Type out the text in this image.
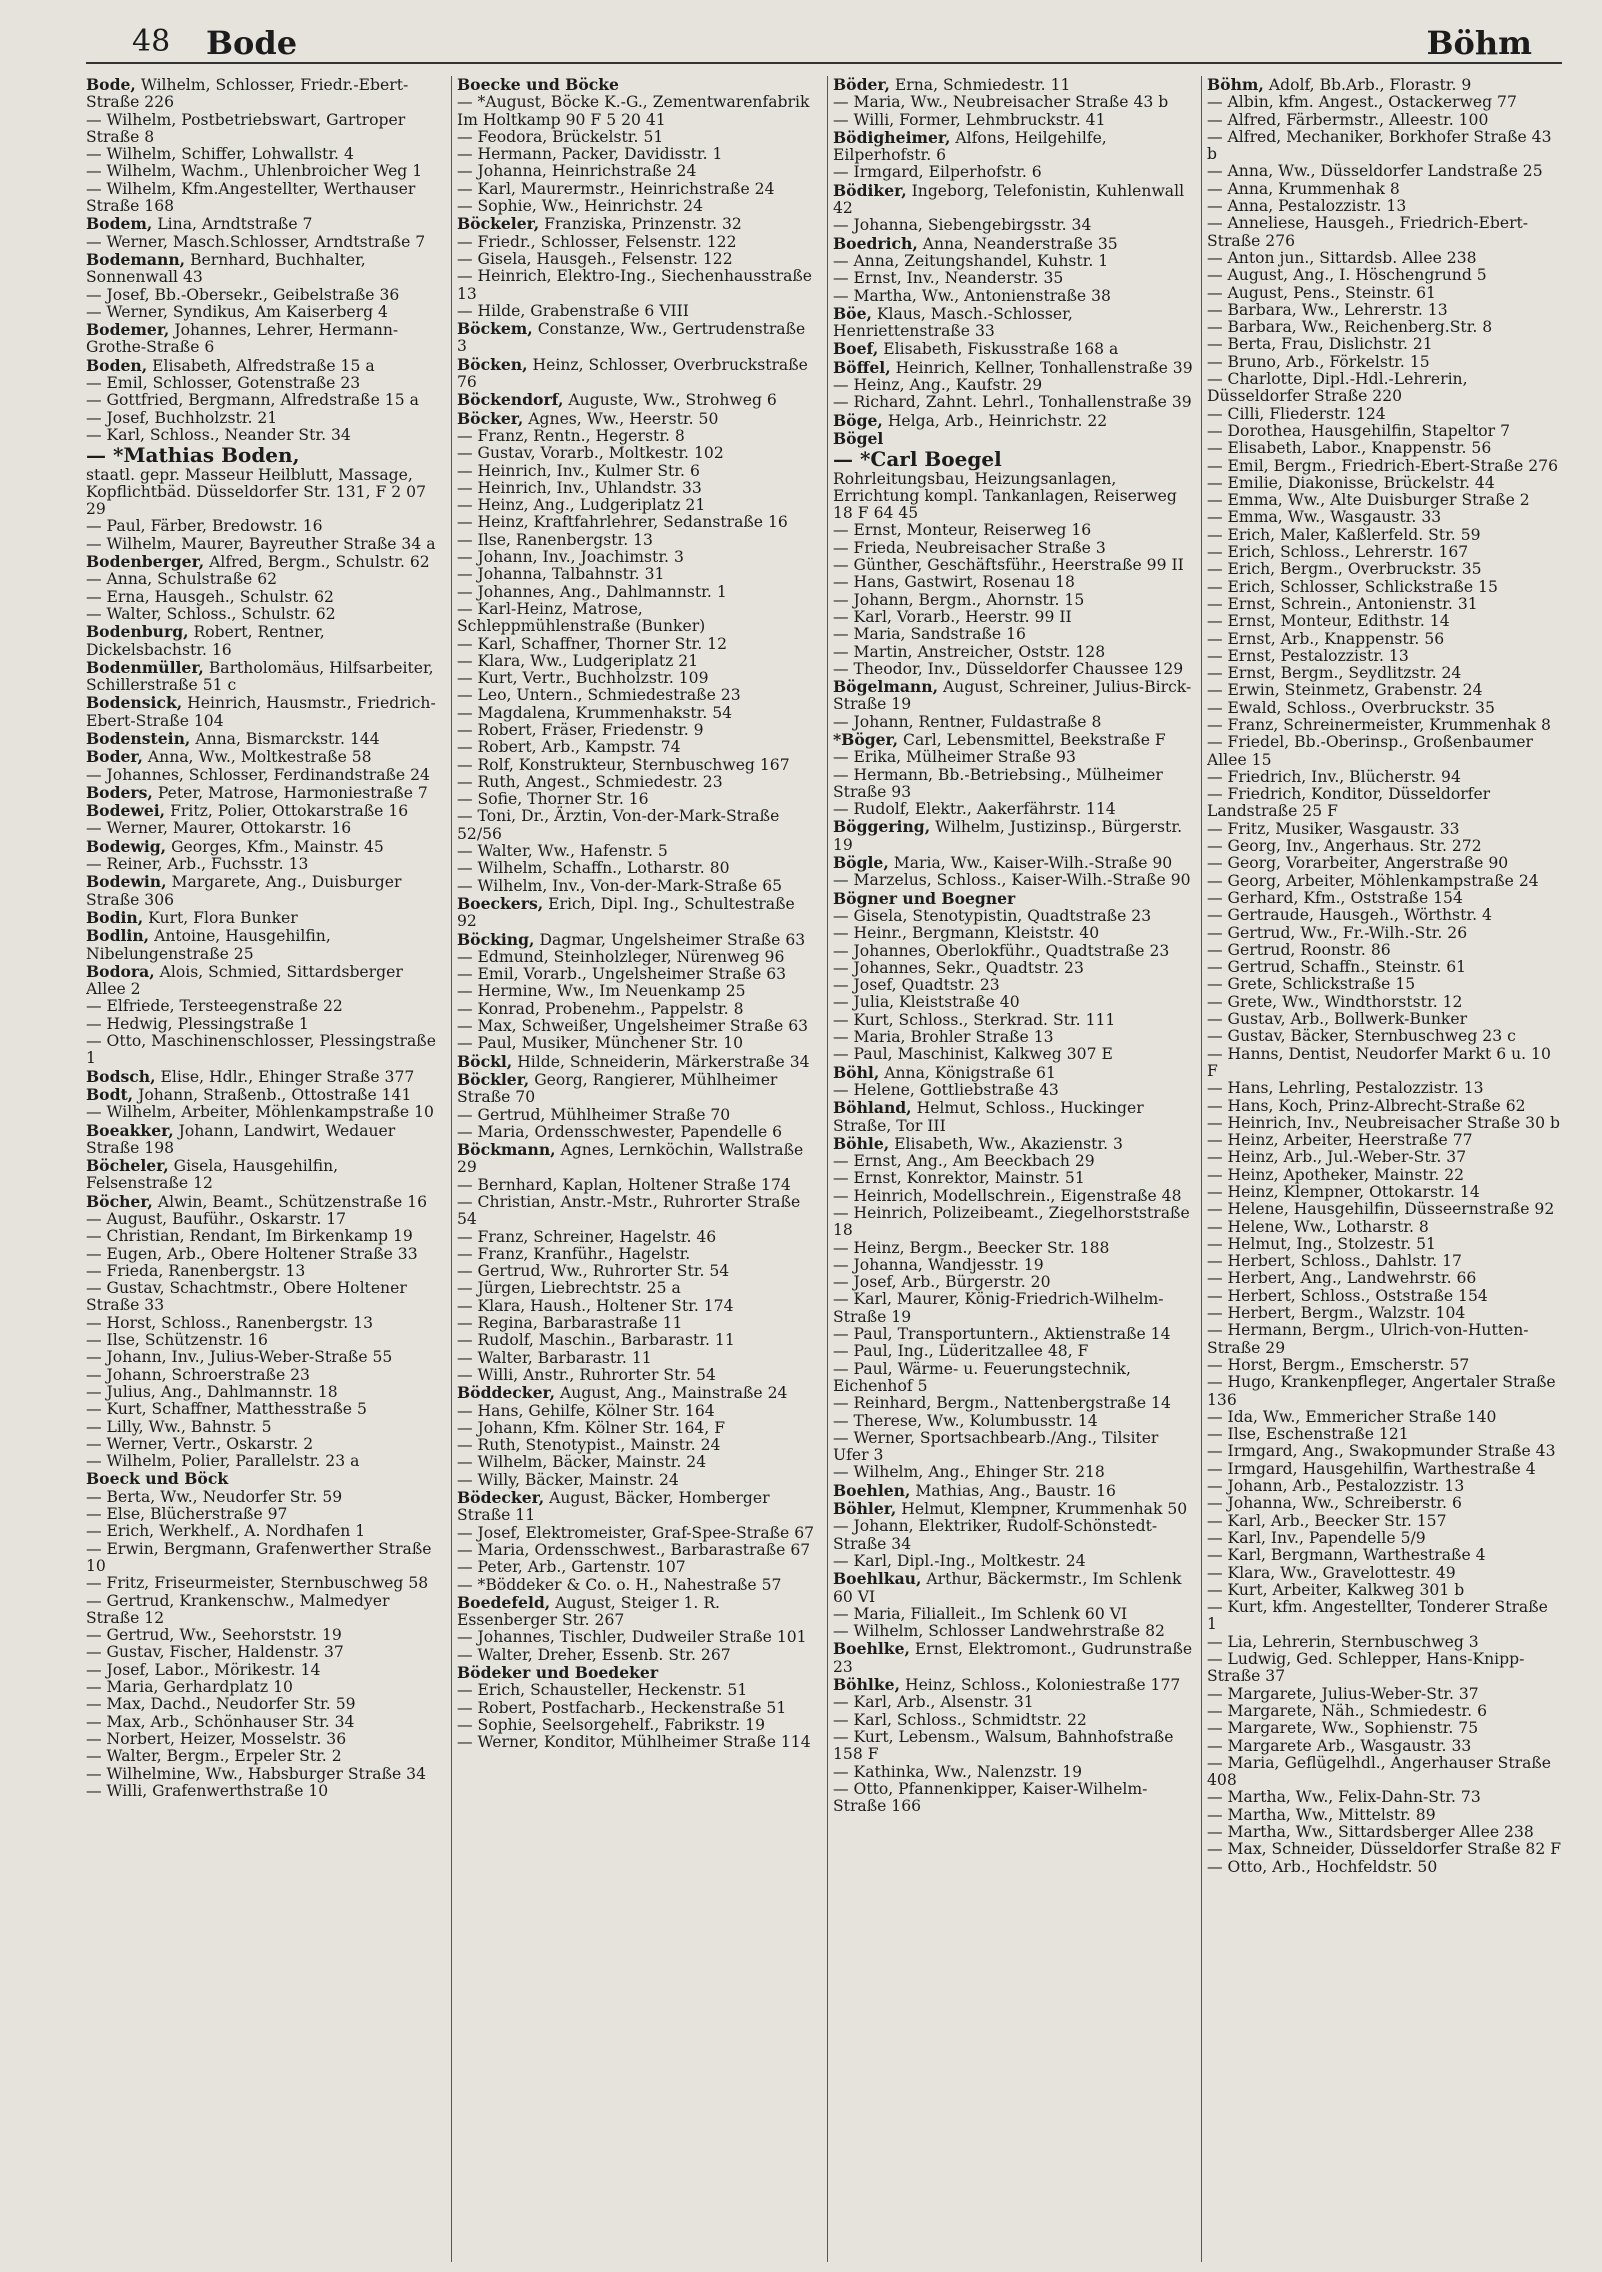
48 Bode	Böhm
Bode, Wilhelm, Schlosser, Friedr.-Ebert-Straße 226
— Wilhelm, Postbetriebswart, Gartroper Straße 8
— Wilhelm, Schiffer, Lohwallstr. 4
— Wilhelm, Wachm., Uhlenbroicher Weg 1
— Wilhelm, Kfm.Angestellter, Werthauser Straße 168
Bodem, Lina, Arndtstraße 7
— Werner, Masch.Schlosser, Arndtstraße 7
Bodemann, Bernhard, Buchhalter, Sonnenwall 43
— Josef, Bb.-Obersekr., Geibelstraße 36
— Werner, Syndikus, Am Kaiserberg 4
Bodemer, Johannes, Lehrer, Hermann-Grothe-Straße 6
Boden, Elisabeth, Alfredstraße 15 a
— Emil, Schlosser, Gotenstraße 23
— Gottfried, Bergmann, Alfredstraße 15 a
— Josef, Buchholzstr. 21
— Karl, Schloss., Neander Str. 34
— *Mathias Boden,
staatl. gepr. Masseur Heilblutt, Massage, Kopflichtbäd. Düsseldorfer Str. 131, F 2 07 29
— Paul, Färber, Bredowstr. 16
— Wilhelm, Maurer, Bayreuther Straße 34 a
Bodenberger, Alfred, Bergm., Schulstr. 62
— Anna, Schulstraße 62
— Erna, Hausgeh., Schulstr. 62
— Walter, Schloss., Schulstr. 62
Bodenburg, Robert, Rentner, Dickelsbachstr. 16
Bodenmüller, Bartholomäus, Hilfsarbeiter, Schillerstraße 51 c
Bodensick, Heinrich, Hausmstr., Friedrich-Ebert-Straße 104
Bodenstein, Anna, Bismarckstr. 144
Boder, Anna, Ww., Moltkestraße 58
— Johannes, Schlosser, Ferdinandstraße 24
Boders, Peter, Matrose, Harmoniestraße 7
Bodewei, Fritz, Polier, Ottokarstraße 16
— Werner, Maurer, Ottokarstr. 16
Bodewig, Georges, Kfm., Mainstr. 45
— Reiner, Arb., Fuchsstr. 13
Bodewin, Margarete, Ang., Duisburger Straße 306
Bodin, Kurt, Flora Bunker
Bodlin, Antoine, Hausgehilfin, Nibelungenstraße 25
Bodora, Alois, Schmied, Sittardsberger Allee 2
— Elfriede, Tersteegenstraße 22
— Hedwig, Plessingstraße 1
— Otto, Maschinenschlosser, Plessingstraße 1
Bodsch, Elise, Hdlr., Ehinger Straße 377
Bodt, Johann, Straßenb., Ottostraße 141
— Wilhelm, Arbeiter, Möhlenkampstraße 10
Boeakker, Johann, Landwirt, Wedauer Straße 198
Böcheler, Gisela, Hausgehilfin, Felsenstraße 12
Böcher, Alwin, Beamt., Schützenstraße 16
— August, Bauführ., Oskarstr. 17
— Christian, Rendant, Im Birkenkamp 19
— Eugen, Arb., Obere Holtener Straße 33
— Frieda, Ranenbergstr. 13
— Gustav, Schachtmstr., Obere Holtener Straße 33
— Horst, Schloss., Ranenbergstr. 13
— Ilse, Schützenstr. 16
— Johann, Inv., Julius-Weber-Straße 55
— Johann, Schroerstraße 23
— Julius, Ang., Dahlmannstr. 18
— Kurt, Schaffner, Matthesstraße 5
— Lilly, Ww., Bahnstr. 5
— Werner, Vertr., Oskarstr. 2
— Wilhelm, Polier, Parallelstr. 23 a
Boeck und Böck
— Berta, Ww., Neudorfer Str. 59
— Else, Blücherstraße 97
— Erich, Werkhelf., A. Nordhafen 1
— Erwin, Bergmann, Grafenwerther Straße 10
— Fritz, Friseurmeister, Sternbuschweg 58
— Gertrud, Krankenschw., Malmedyer Straße 12
— Gertrud, Ww., Seehorststr. 19
— Gustav, Fischer, Haldenstr. 37
— Josef, Labor., Mörikestr. 14
— Maria, Gerhardplatz 10
— Max, Dachd., Neudorfer Str. 59
— Max, Arb., Schönhauser Str. 34
— Norbert, Heizer, Mosselstr. 36
— Walter, Bergm., Erpeler Str. 2
— Wilhelmine, Ww., Habsburger Straße 34
— Willi, Grafenwerthstraße 10
Boecke und Böcke
— *August, Böcke K.-G., Zementwarenfabrik Im Holtkamp 90 F 5 20 41
— Feodora, Brückelstr. 51
— Hermann, Packer, Davidisstr. 1
— Johanna, Heinrichstraße 24
— Karl, Maurermstr., Heinrichstraße 24
— Sophie, Ww., Heinrichstr. 24
Böckeler, Franziska, Prinzenstr. 32
— Friedr., Schlosser, Felsenstr. 122
— Gisela, Hausgeh., Felsenstr. 122
— Heinrich, Elektro-Ing., Siechenhausstraße 13
— Hilde, Grabenstraße 6 VIII
Böckem, Constanze, Ww., Gertrudenstraße 3
Böcken, Heinz, Schlosser, Overbruckstraße 76
Böckendorf, Auguste, Ww., Strohweg 6
Böcker, Agnes, Ww., Heerstr. 50
— Franz, Rentn., Hegerstr. 8
— Gustav, Vorarb., Moltkestr. 102
— Heinrich, Inv., Kulmer Str. 6
— Heinrich, Inv., Uhlandstr. 33
— Heinz, Ang., Ludgeriplatz 21
— Heinz, Kraftfahrlehrer, Sedanstraße 16
— Ilse, Ranenbergstr. 13
— Johann, Inv., Joachimstr. 3
— Johanna, Talbahnstr. 31
— Johannes, Ang., Dahlmannstr. 1
— Karl-Heinz, Matrose, Schleppmühlenstraße (Bunker)
— Karl, Schaffner, Thorner Str. 12
— Klara, Ww., Ludgeriplatz 21
— Kurt, Vertr., Buchholzstr. 109
— Leo, Untern., Schmiedestraße 23
— Magdalena, Krummenhakstr. 54
— Robert, Fräser, Friedenstr. 9
— Robert, Arb., Kampstr. 74
— Rolf, Konstrukteur, Sternbuschweg 167
— Ruth, Angest., Schmiedestr. 23
— Sofie, Thorner Str. 16
— Toni, Dr., Ärztin, Von-der-Mark-Straße 52/56
— Walter, Ww., Hafenstr. 5
— Wilhelm, Schaffn., Lotharstr. 80
— Wilhelm, Inv., Von-der-Mark-Straße 65
Boeckers, Erich, Dipl. Ing., Schultestraße 92
Böcking, Dagmar, Ungelsheimer Straße 63
— Edmund, Steinholzleger, Nürenweg 96
— Emil, Vorarb., Ungelsheimer Straße 63
— Hermine, Ww., Im Neuenkamp 25
— Konrad, Probenehm., Pappelstr. 8
— Max, Schweißer, Ungelsheimer Straße 63
— Paul, Musiker, Münchener Str. 10
Böckl, Hilde, Schneiderin, Märkerstraße 34
Böckler, Georg, Rangierer, Mühlheimer Straße 70
— Gertrud, Mühlheimer Straße 70
— Maria, Ordensschwester, Papendelle 6
Böckmann, Agnes, Lernköchin, Wallstraße 29
— Bernhard, Kaplan, Holtener Straße 174
— Christian, Anstr.-Mstr., Ruhrorter Straße 54
— Franz, Schreiner, Hagelstr. 46
— Franz, Kranführ., Hagelstr.
— Gertrud, Ww., Ruhrorter Str. 54
— Jürgen, Liebrechtstr. 25 a
— Klara, Haush., Holtener Str. 174
— Regina, Barbarastraße 11
— Rudolf, Maschin., Barbarastr. 11
— Walter, Barbarastr. 11
— Willi, Anstr., Ruhrorter Str. 54
Böddecker, August, Ang., Mainstraße 24
— Hans, Gehilfe, Kölner Str. 164
— Johann, Kfm. Kölner Str. 164, F
— Ruth, Stenotypist., Mainstr. 24
— Wilhelm, Bäcker, Mainstr. 24
— Willy, Bäcker, Mainstr. 24
Bödecker, August, Bäcker, Homberger Straße 11
— Josef, Elektromeister, Graf-Spee-Straße 67
— Maria, Ordensschwest., Barbarastraße 67
— Peter, Arb., Gartenstr. 107
— *Böddeker & Co. o. H., Nahestraße 57
Boedefeld, August, Steiger 1. R. Essenberger Str. 267
— Johannes, Tischler, Dudweiler Straße 101
— Walter, Dreher, Essenb. Str. 267
Bödeker und Boedeker
— Erich, Schausteller, Heckenstr. 51
— Robert, Postfacharb., Heckenstraße 51
— Sophie, Seelsorgehelf., Fabrikstr. 19
— Werner, Konditor, Mühlheimer Straße 114
Böder, Erna, Schmiedestr. 11
— Maria, Ww., Neubreisacher Straße 43 b
— Willi, Former, Lehmbruckstr. 41
Bödigheimer, Alfons, Heilgehilfe, Eilperhofstr. 6
— Irmgard, Eilperhofstr. 6
Bödiker, Ingeborg, Telefonistin, Kuhlenwall 42
— Johanna, Siebengebirgsstr. 34
Boedrich, Anna, Neanderstraße 35
— Anna, Zeitungshandel, Kuhstr. 1
— Ernst, Inv., Neanderstr. 35
— Martha, Ww., Antonienstraße 38
Böe, Klaus, Masch.-Schlosser, Henriettenstraße 33
Boef, Elisabeth, Fiskusstraße 168 a
Böffel, Heinrich, Kellner, Tonhallenstraße 39
— Heinz, Ang., Kaufstr. 29
— Richard, Zahnt. Lehrl., Tonhallenstraße 39
Böge, Helga, Arb., Heinrichstr. 22
Bögel
— *Carl Boegel
Rohrleitungsbau, Heizungsanlagen, Errichtung kompl. Tankanlagen, Reiserweg 18 F 64 45
— Ernst, Monteur, Reiserweg 16
— Frieda, Neubreisacher Straße 3
— Günther, Geschäftsführ., Heerstraße 99 II
— Hans, Gastwirt, Rosenau 18
— Johann, Bergm., Ahornstr. 15
— Karl, Vorarb., Heerstr. 99 II
— Maria, Sandstraße 16
— Martin, Anstreicher, Oststr. 128
— Theodor, Inv., Düsseldorfer Chaussee 129
Bögelmann, August, Schreiner, Julius-Birck-Straße 19
— Johann, Rentner, Fuldastraße 8
*Böger, Carl, Lebensmittel, Beekstraße F
— Erika, Mülheimer Straße 93
— Hermann, Bb.-Betriebsing., Mülheimer Straße 93
— Rudolf, Elektr., Aakerfährstr. 114
Böggering, Wilhelm, Justizinsp., Bürgerstr. 19
Bögle, Maria, Ww., Kaiser-Wilh.-Straße 90
— Marzelus, Schloss., Kaiser-Wilh.-Straße 90
Bögner und Boegner
— Gisela, Stenotypistin, Quadtstraße 23
— Heinr., Bergmann, Kleiststr. 40
— Johannes, Oberlokführ., Quadtstraße 23
— Johannes, Sekr., Quadtstr. 23
— Josef, Quadtstr. 23
— Julia, Kleiststraße 40
— Kurt, Schloss., Sterkrad. Str. 111
— Maria, Brohler Straße 13
— Paul, Maschinist, Kalkweg 307 E
Böhl, Anna, Königstraße 61
— Helene, Gottliebstraße 43
Böhland, Helmut, Schloss., Huckinger Straße, Tor III
Böhle, Elisabeth, Ww., Akazienstr. 3
— Ernst, Ang., Am Beeckbach 29
— Ernst, Konrektor, Mainstr. 51
— Heinrich, Modellschrein., Eigenstraße 48
— Heinrich, Polizeibeamt., Ziegelhorststraße 18
— Heinz, Bergm., Beecker Str. 188
— Johanna, Wandjesstr. 19
— Josef, Arb., Bürgerstr. 20
— Karl, Maurer, König-Friedrich-Wilhelm-Straße 19
— Paul, Transportuntern., Aktienstraße 14
— Paul, Ing., Lüderitzallee 48, F
— Paul, Wärme- u. Feuerungstechnik, Eichenhof 5
— Reinhard, Bergm., Nattenbergstraße 14
— Therese, Ww., Kolumbusstr. 14
— Werner, Sportsachbearb./Ang., Tilsiter Ufer 3
— Wilhelm, Ang., Ehinger Str. 218
Boehlen, Mathias, Ang., Baustr. 16
Böhler, Helmut, Klempner, Krummenhak 50
— Johann, Elektriker, Rudolf-Schönstedt-Straße 34
— Karl, Dipl.-Ing., Moltkestr. 24
Boehlkau, Arthur, Bäckermstr., Im Schlenk 60 VI
— Maria, Filialleit., Im Schlenk 60 VI
— Wilhelm, Schlosser Landwehrstraße 82
Boehlke, Ernst, Elektromont., Gudrunstraße 23
Böhlke, Heinz, Schloss., Koloniestraße 177
— Karl, Arb., Alsenstr. 31
— Karl, Schloss., Schmidtstr. 22
— Kurt, Lebensm., Walsum, Bahnhofstraße 158 F
— Kathinka, Ww., Nalenzstr. 19
— Otto, Pfannenkipper, Kaiser-Wilhelm-Straße 166
Böhm, Adolf, Bb.Arb., Florastr. 9
— Albin, kfm. Angest., Ostackerweg 77
— Alfred, Färbermstr., Alleestr. 100
— Alfred, Mechaniker, Borkhofer Straße 43 b
— Anna, Ww., Düsseldorfer Landstraße 25
— Anna, Krummenhak 8
— Anna, Pestalozzistr. 13
— Anneliese, Hausgeh., Friedrich-Ebert-Straße 276
— Anton jun., Sittardsb. Allee 238
— August, Ang., I. Höschengrund 5
— August, Pens., Steinstr. 61
— Barbara, Ww., Lehrerstr. 13
— Barbara, Ww., Reichenberg.Str. 8
— Berta, Frau, Dislichstr. 21
— Bruno, Arb., Förkelstr. 15
— Charlotte, Dipl.-Hdl.-Lehrerin, Düsseldorfer Straße 220
— Cilli, Fliederstr. 124
— Dorothea, Hausgehilfin, Stapeltor 7
— Elisabeth, Labor., Knappenstr. 56
— Emil, Bergm., Friedrich-Ebert-Straße 276
— Emilie, Diakonisse, Brückelstr. 44
— Emma, Ww., Alte Duisburger Straße 2
— Emma, Ww., Wasgaustr. 33
— Erich, Maler, Kaßlerfeld. Str. 59
— Erich, Schloss., Lehrerstr. 167
— Erich, Bergm., Overbruckstr. 35
— Erich, Schlosser, Schlickstraße 15
— Ernst, Schrein., Antonienstr. 31
— Ernst, Monteur, Edithstr. 14
— Ernst, Arb., Knappenstr. 56
— Ernst, Pestalozzistr. 13
— Ernst, Bergm., Seydlitzstr. 24
— Erwin, Steinmetz, Grabenstr. 24
— Ewald, Schloss., Overbruckstr. 35
— Franz, Schreinermeister, Krummenhak 8
— Friedel, Bb.-Oberinsp., Großenbaumer Allee 15
— Friedrich, Inv., Blücherstr. 94
— Friedrich, Konditor, Düsseldorfer Landstraße 25 F
— Fritz, Musiker, Wasgaustr. 33
— Georg, Inv., Angerhaus. Str. 272
— Georg, Vorarbeiter, Angerstraße 90
— Georg, Arbeiter, Möhlenkampstraße 24
— Gerhard, Kfm., Oststraße 154
— Gertraude, Hausgeh., Wörthstr. 4
— Gertrud, Ww., Fr.-Wilh.-Str. 26
— Gertrud, Roonstr. 86
— Gertrud, Schaffn., Steinstr. 61
— Grete, Schlickstraße 15
— Grete, Ww., Windthorststr. 12
— Gustav, Arb., Bollwerk-Bunker
— Gustav, Bäcker, Sternbuschweg 23 c
— Hanns, Dentist, Neudorfer Markt 6 u. 10 F
— Hans, Lehrling, Pestalozzistr. 13
— Hans, Koch, Prinz-Albrecht-Straße 62
— Heinrich, Inv., Neubreisacher Straße 30 b
— Heinz, Arbeiter, Heerstraße 77
— Heinz, Arb., Jul.-Weber-Str. 37
— Heinz, Apotheker, Mainstr. 22
— Heinz, Klempner, Ottokarstr. 14
— Helene, Hausgehilfin, Düsseernstraße 92
— Helene, Ww., Lotharstr. 8
— Helmut, Ing., Stolzestr. 51
— Herbert, Schloss., Dahlstr. 17
— Herbert, Ang., Landwehrstr. 66
— Herbert, Schloss., Oststraße 154
— Herbert, Bergm., Walzstr. 104
— Hermann, Bergm., Ulrich-von-Hutten-Straße 29
— Horst, Bergm., Emscherstr. 57
— Hugo, Krankenpfleger, Angertaler Straße 136
— Ida, Ww., Emmericher Straße 140
— Ilse, Eschenstraße 121
— Irmgard, Ang., Swakopmunder Straße 43
— Irmgard, Hausgehilfin, Warthestraße 4
— Johann, Arb., Pestalozzistr. 13
— Johanna, Ww., Schreiberstr. 6
— Karl, Arb., Beecker Str. 157
— Karl, Inv., Papendelle 5/9
— Karl, Bergmann, Warthestraße 4
— Klara, Ww., Gravelottestr. 49
— Kurt, Arbeiter, Kalkweg 301 b
— Kurt, kfm. Angestellter, Tonderer Straße 1
— Lia, Lehrerin, Sternbuschweg 3
— Ludwig, Ged. Schlepper, Hans-Knipp-Straße 37
— Margarete, Julius-Weber-Str. 37
— Margarete, Näh., Schmiedestr. 6
— Margarete, Ww., Sophienstr. 75
— Margarete Arb., Wasgaustr. 33
— Maria, Geflügelhdl., Angerhauser Straße 408
— Martha, Ww., Felix-Dahn-Str. 73
— Martha, Ww., Mittelstr. 89
— Martha, Ww., Sittardsberger Allee 238
— Max, Schneider, Düsseldorfer Straße 82 F
— Otto, Arb., Hochfeldstr. 50
